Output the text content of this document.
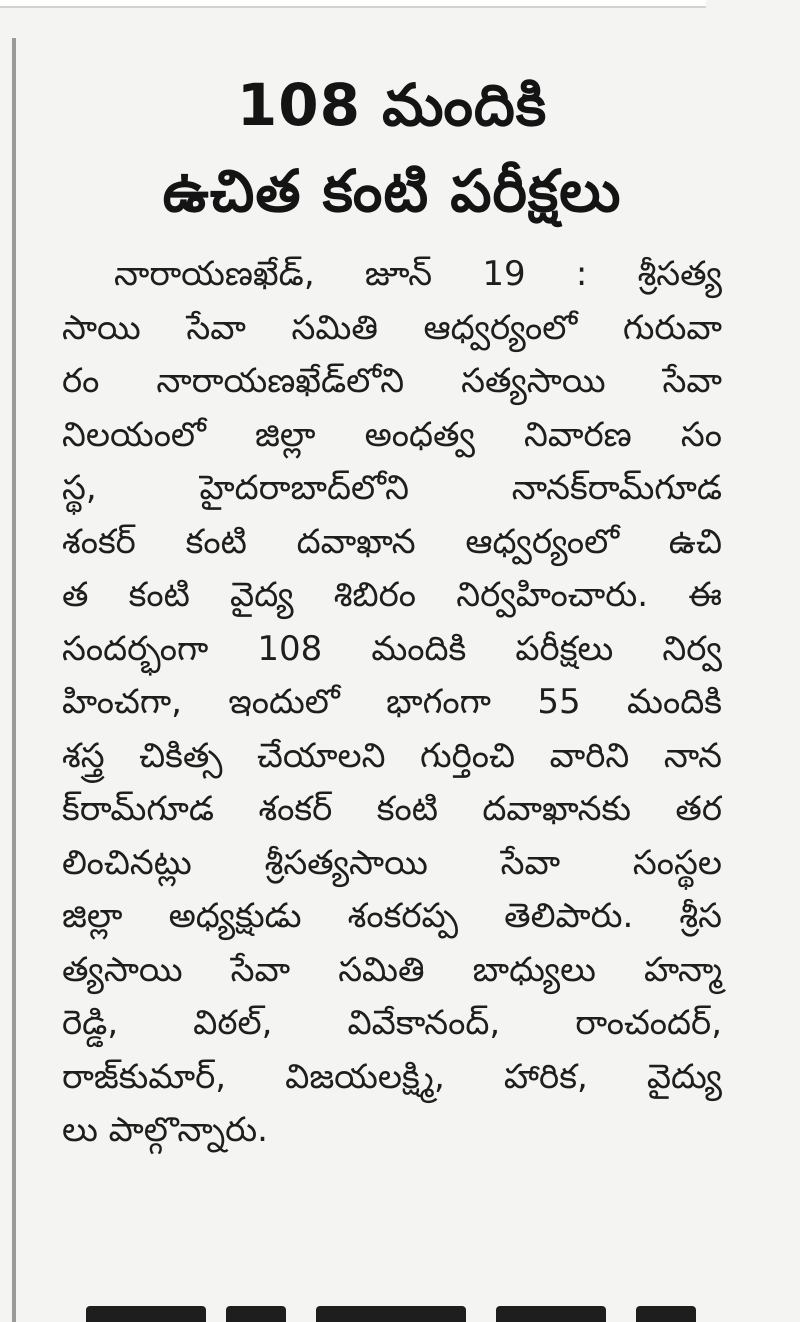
108 మందికి
ఉచిత కంటి పరీక్షలు

నారాయణఖేడ్, జూన్ 19 : శ్రీసత్య
సాయి సేవా సమితి ఆధ్వర్యంలో గురువా
రం నారాయణఖేడ్‌లోని సత్యసాయి సేవా
నిలయంలో జిల్లా అంధత్వ నివారణ సం
స్థ, హైదరాబాద్‌లోని నానక్‌రామ్‌గూడ
శంకర్ కంటి దవాఖాన ఆధ్వర్యంలో ఉచి
త కంటి వైద్య శిబిరం నిర్వహించారు. ఈ
సందర్భంగా 108 మందికి పరీక్షలు నిర్వ
హించగా, ఇందులో భాగంగా 55 మందికి
శస్త్ర చికిత్స చేయాలని గుర్తించి వారిని నాన
క్‌రామ్‌గూడ శంకర్ కంటి దవాఖానకు తర
లించినట్లు శ్రీసత్యసాయి సేవా సంస్థల
జిల్లా అధ్యక్షుడు శంకరప్ప తెలిపారు. శ్రీస
త్యసాయి సేవా సమితి బాధ్యులు హన్మా
రెడ్డి, విఠల్, వివేకానంద్, రాంచందర్,
రాజ్‌కుమార్, విజయలక్ష్మి, హారిక, వైద్యు
లు పాల్గొన్నారు.
